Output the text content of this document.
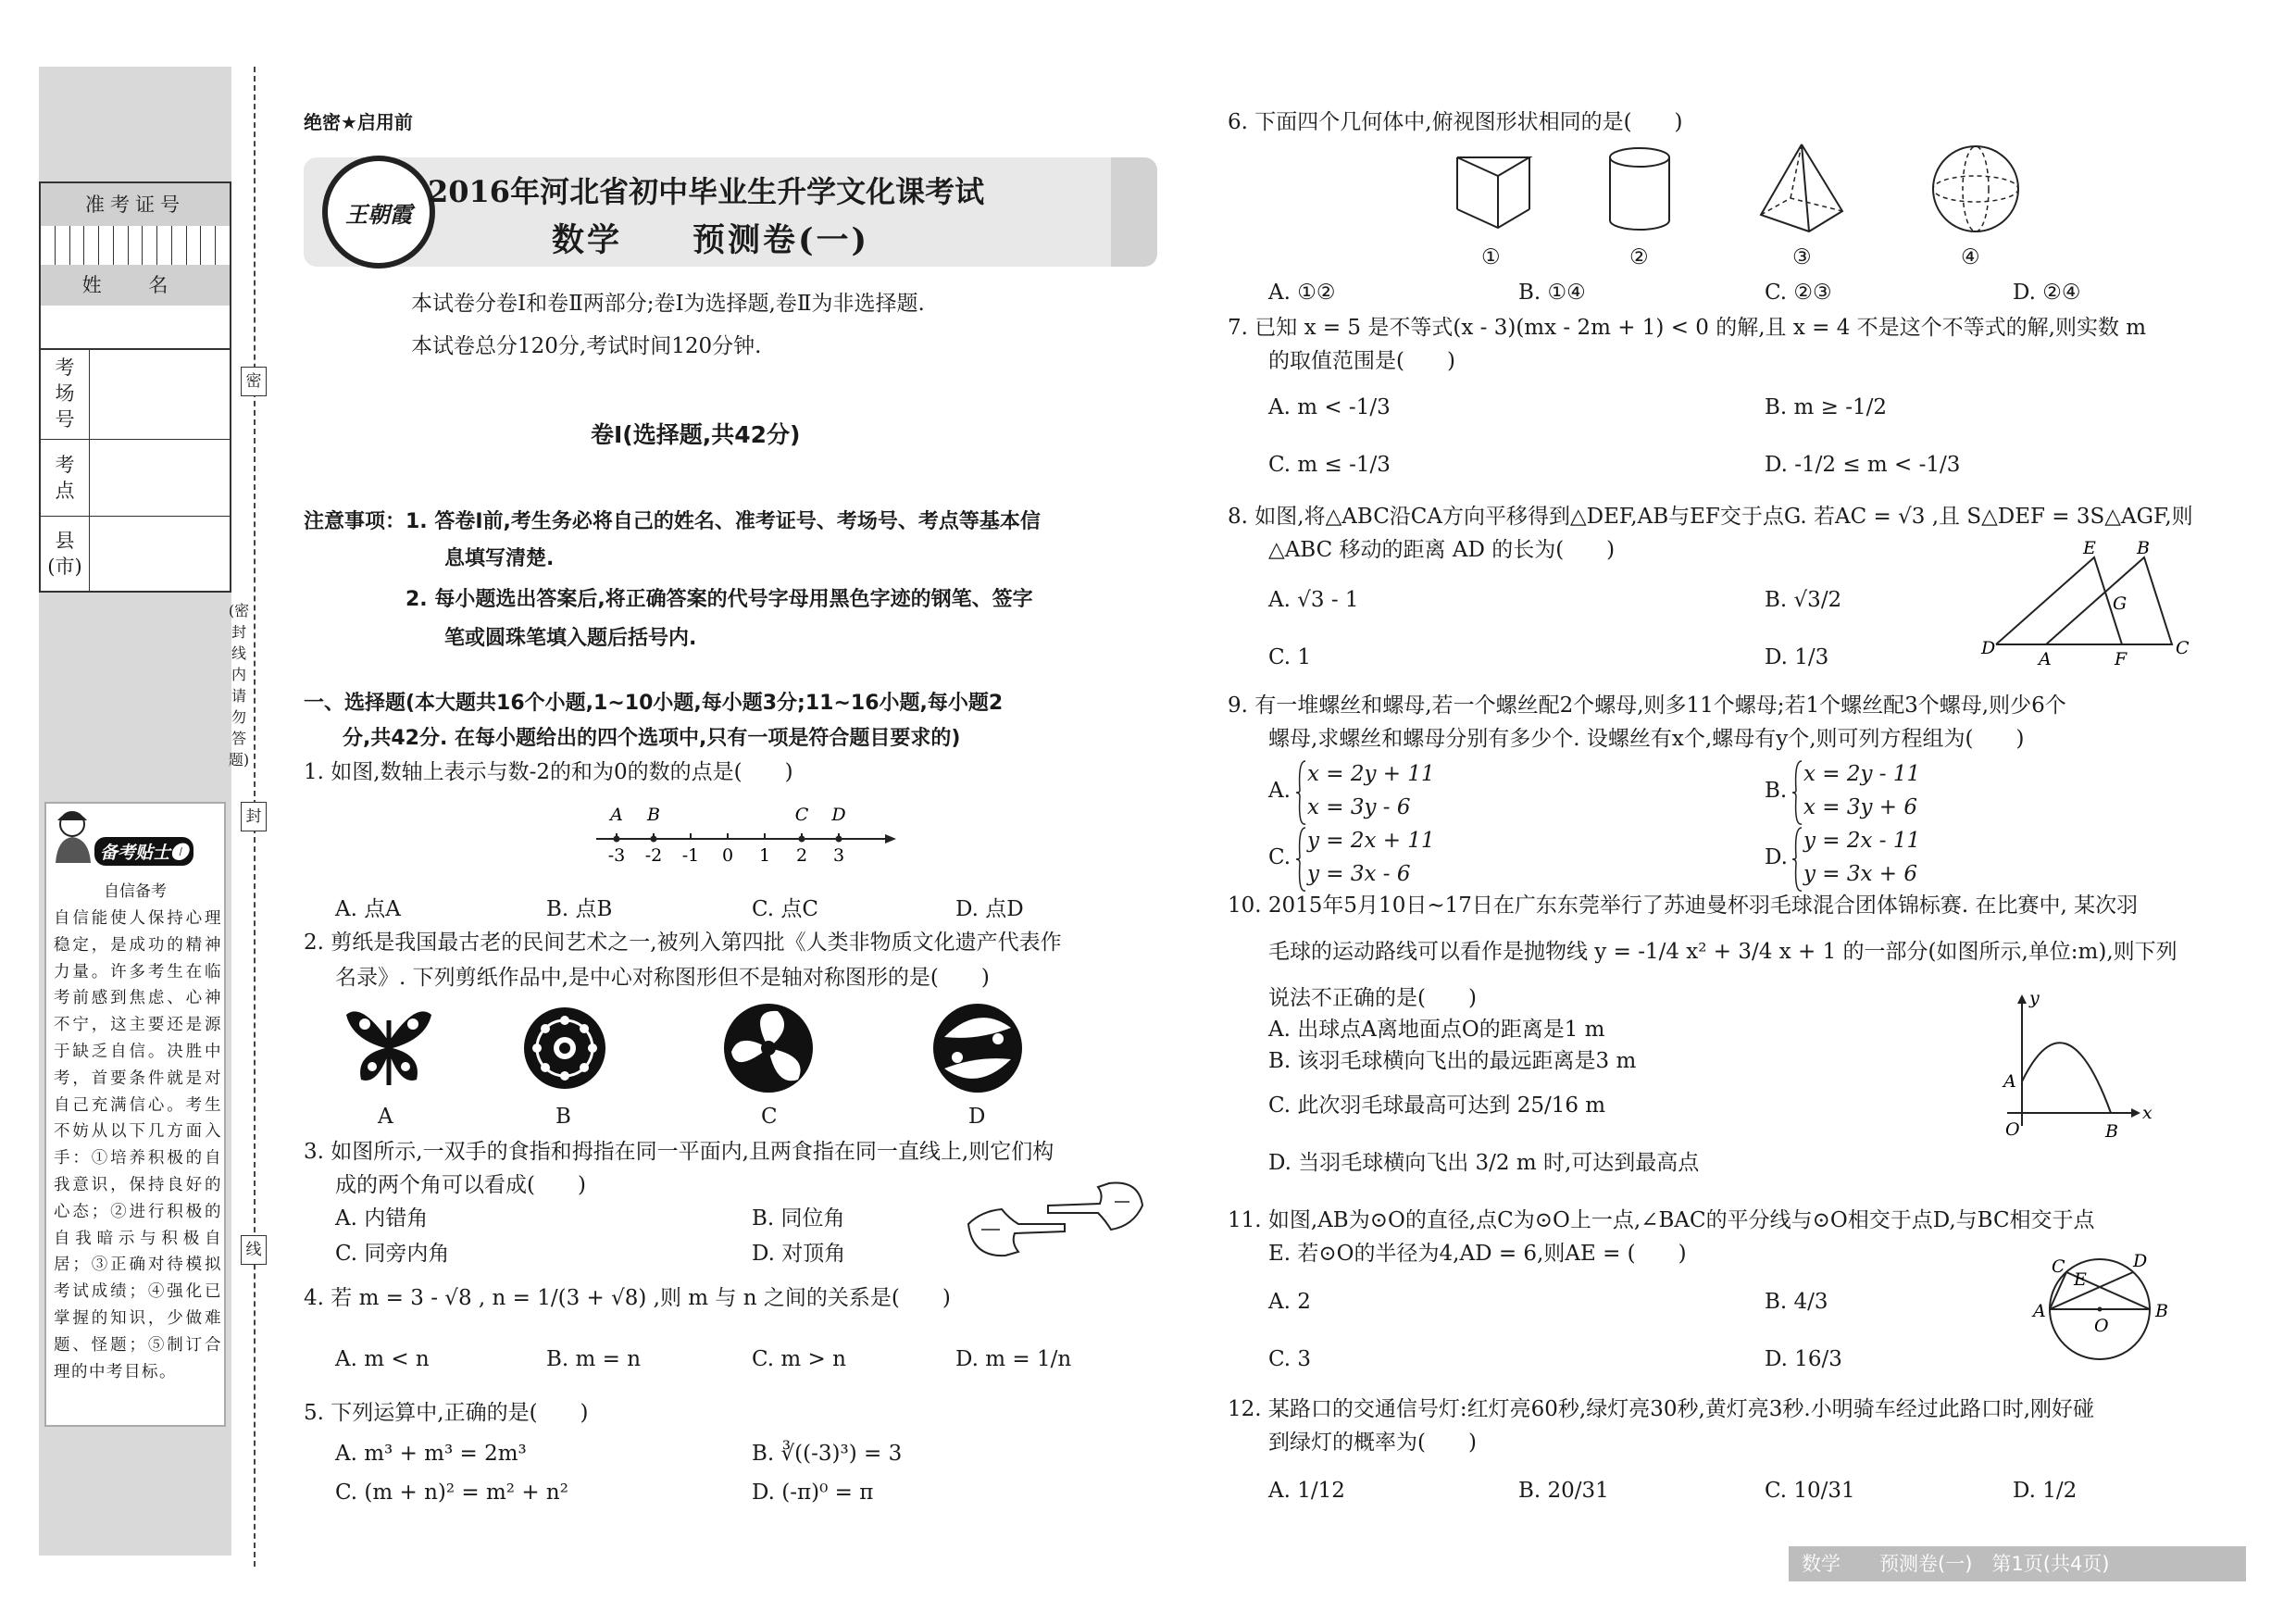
准考证号
姓 名
考
场
号
考
点
县
(市)
密
封
线
(密封线内请勿答题)
备考贴士❶
自信备考
自信能使人保持心理稳定，是成功的精神力量。许多考生在临考前感到焦虑、心神不宁，这主要还是源于缺乏自信。决胜中考，首要条件就是对自己充满信心。考生不妨从以下几方面入手：①培养积极的自我意识，保持良好的心态；②进行积极的自我暗示与积极自居；③正确对待模拟考试成绩；④强化已掌握的知识，少做难题、怪题；⑤制订合理的中考目标。
绝密★启用前
王朝霞
2016年河北省初中毕业生升学文化课考试
数学　　预测卷(一)
本试卷分卷Ⅰ和卷Ⅱ两部分;卷Ⅰ为选择题,卷Ⅱ为非选择题.
本试卷总分120分,考试时间120分钟.
卷Ⅰ(选择题,共42分)
注意事项： 1. 答卷Ⅰ前,考生务必将自己的姓名、准考证号、考场号、考点等基本信
息填写清楚.
2. 每小题选出答案后,将正确答案的代号字母用黑色字迹的钢笔、签字
笔或圆珠笔填入题后括号内.
一、选择题(本大题共16个小题,1~10小题,每小题3分;11~16小题,每小题2
分,共42分. 在每小题给出的四个选项中,只有一项是符合题目要求的)
1. 如图,数轴上表示与数-2的和为0的数的点是(　　)
A B	C D
-3 -2 -1 0 1 2 3
A. 点A	B. 点B	C. 点C	D. 点D
2. 剪纸是我国最古老的民间艺术之一,被列入第四批《人类非物质文化遗产代表作
名录》. 下列剪纸作品中,是中心对称图形但不是轴对称图形的是(　　)
A	B	C	D
3. 如图所示,一双手的食指和拇指在同一平面内,且两食指在同一直线上,则它们构
成的两个角可以看成(　　)
A. 内错角	B. 同位角
C. 同旁内角	D. 对顶角
4. 若 m = 3 - √8 , n = 1/(3 + √8) ,则 m 与 n 之间的关系是(　　)
A. m < n	B. m = n	C. m > n	D. m = 1/n
5. 下列运算中,正确的是(　　)
A. m³ + m³ = 2m³	B. ∛((-3)³) = 3
C. (m + n)² = m² + n²	D. (-π)⁰ = π
6. 下面四个几何体中,俯视图形状相同的是(　　)
①	②	③	④
A. ①②	B. ①④	C. ②③	D. ②④
7. 已知 x = 5 是不等式(x - 3)(mx - 2m + 1) < 0 的解,且 x = 4 不是这个不等式的解,则实数 m
的取值范围是(　　)
A. m < -1/3	B. m ≥ -1/2
C. m ≤ -1/3	D. -1/2 ≤ m < -1/3
8. 如图,将△ABC沿CA方向平移得到△DEF,AB与EF交于点G. 若AC = √3 ,且 S△DEF = 3S△AGF,则
△ABC 移动的距离 AD 的长为(　　)
A. √3 - 1	B. √3/2
C. 1	D. 1/3
E B
G
D
A	F
C
9. 有一堆螺丝和螺母,若一个螺丝配2个螺母,则多11个螺母;若1个螺丝配3个螺母,则少6个
螺母,求螺丝和螺母分别有多少个. 设螺丝有x个,螺母有y个,则可列方程组为(　　)
A.
x = 2y + 11
x = 3y - 6
B.
x = 2y - 11
x = 3y + 6
C.
y = 2x + 11
y = 3x - 6
D.
y = 2x - 11
y = 3x + 6
10. 2015年5月10日~17日在广东东莞举行了苏迪曼杯羽毛球混合团体锦标赛. 在比赛中, 某次羽
毛球的运动路线可以看作是抛物线 y = -1/4 x² + 3/4 x + 1 的一部分(如图所示,单位:m),则下列
说法不正确的是(　　)
A. 出球点A离地面点O的距离是1 m
B. 该羽毛球横向飞出的最远距离是3 m
C. 此次羽毛球最高可达到 25/16 m
D. 当羽毛球横向飞出 3/2 m 时,可达到最高点
y
A
O	B
x
11. 如图,AB为⊙O的直径,点C为⊙O上一点,∠BAC的平分线与⊙O相交于点D,与BC相交于点
E. 若⊙O的半径为4,AD = 6,则AE = (　　)
A. 2	B. 4/3
C. 3	D. 16/3
C
E
D
A
O
B
12. 某路口的交通信号灯:红灯亮60秒,绿灯亮30秒,黄灯亮3秒.小明骑车经过此路口时,刚好碰
到绿灯的概率为(　　)
A. 1/12	B. 20/31	C. 10/31	D. 1/2
数学　　预测卷(一)　第1页(共4页)
